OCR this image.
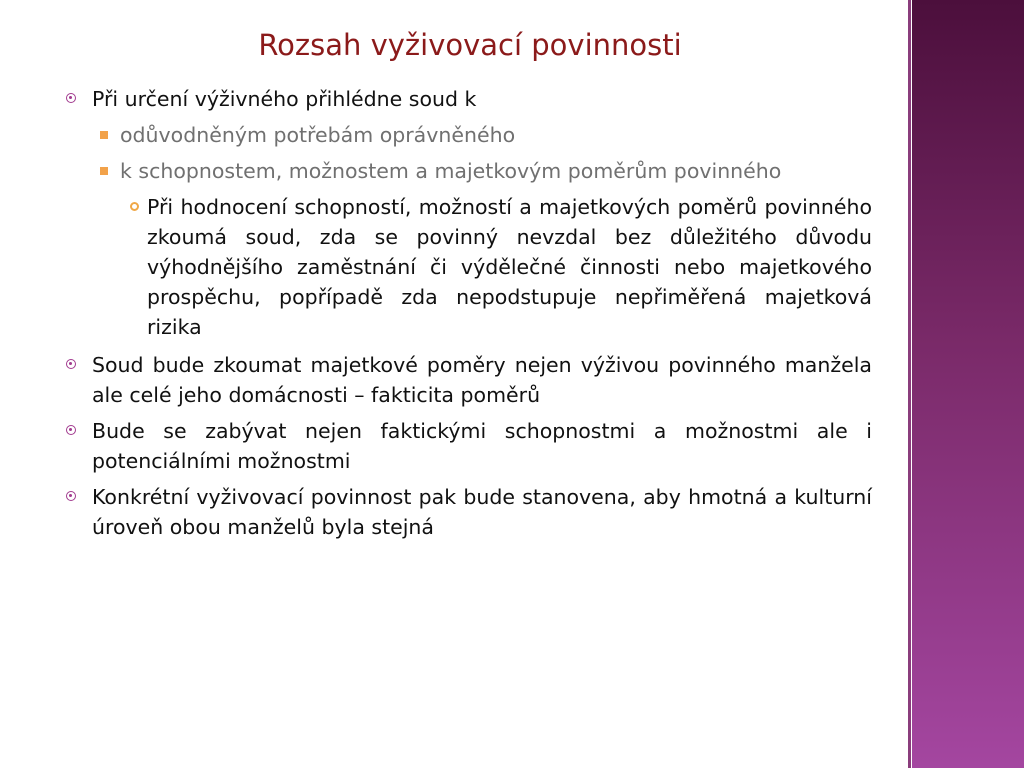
Rozsah vyživovací povinnosti
Při určení výživného přihlédne soud k
odůvodněným potřebám oprávněného
k schopnostem, možnostem a majetkovým poměrům povinného
Při hodnocení schopností, možností a majetkových poměrů povinného zkoumá soud, zda se povinný nevzdal bez důležitého důvodu výhodnějšího zaměstnání či výdělečné činnosti nebo majetkového prospěchu, popřípadě zda nepodstupuje nepřiměřená majetková rizika
Soud bude zkoumat majetkové poměry nejen výživou povinného manžela ale celé jeho domácnosti – fakticita poměrů
Bude se zabývat nejen faktickými schopnostmi a možnostmi ale i potenciálními možnostmi
Konkrétní vyživovací povinnost pak bude stanovena, aby hmotná a kulturní úroveň obou manželů byla stejná
